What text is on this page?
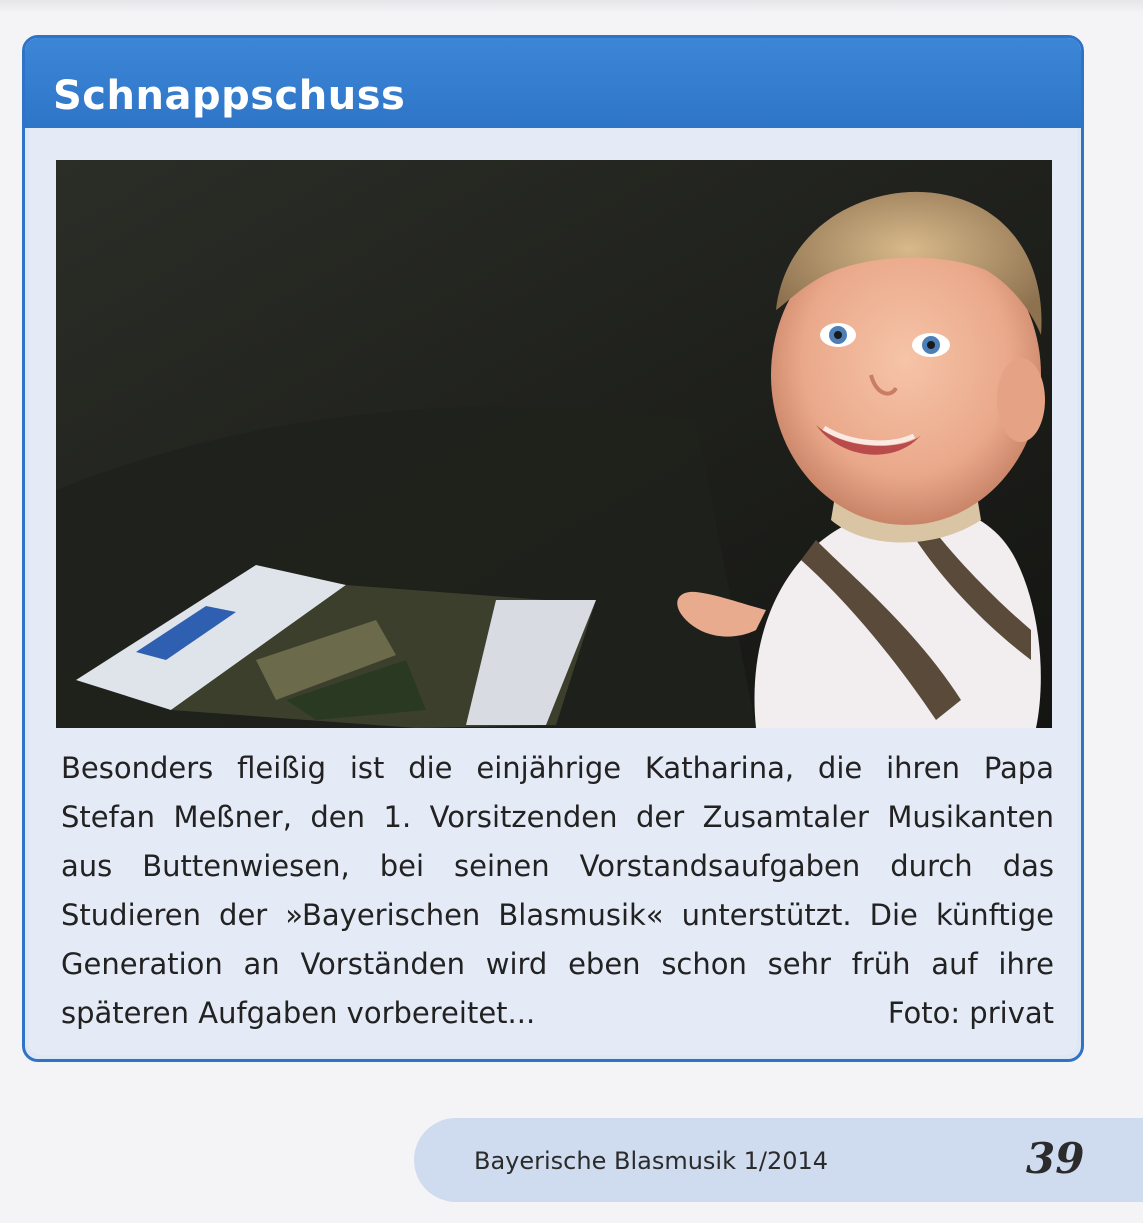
Schnappschuss
Besonders fleißig ist die einjährige Katharina, die ihren Papa
Stefan Meßner, den 1. Vorsitzenden der Zusamtaler Musikanten
aus Buttenwiesen, bei seinen Vorstandsaufgaben durch das
Studieren der »Bayerischen Blasmusik« unterstützt. Die künftige
Generation an Vorständen wird eben schon sehr früh auf ihre
späteren Aufgaben vorbereitet...	Foto: privat
Bayerische Blasmusik 1/2014	39
